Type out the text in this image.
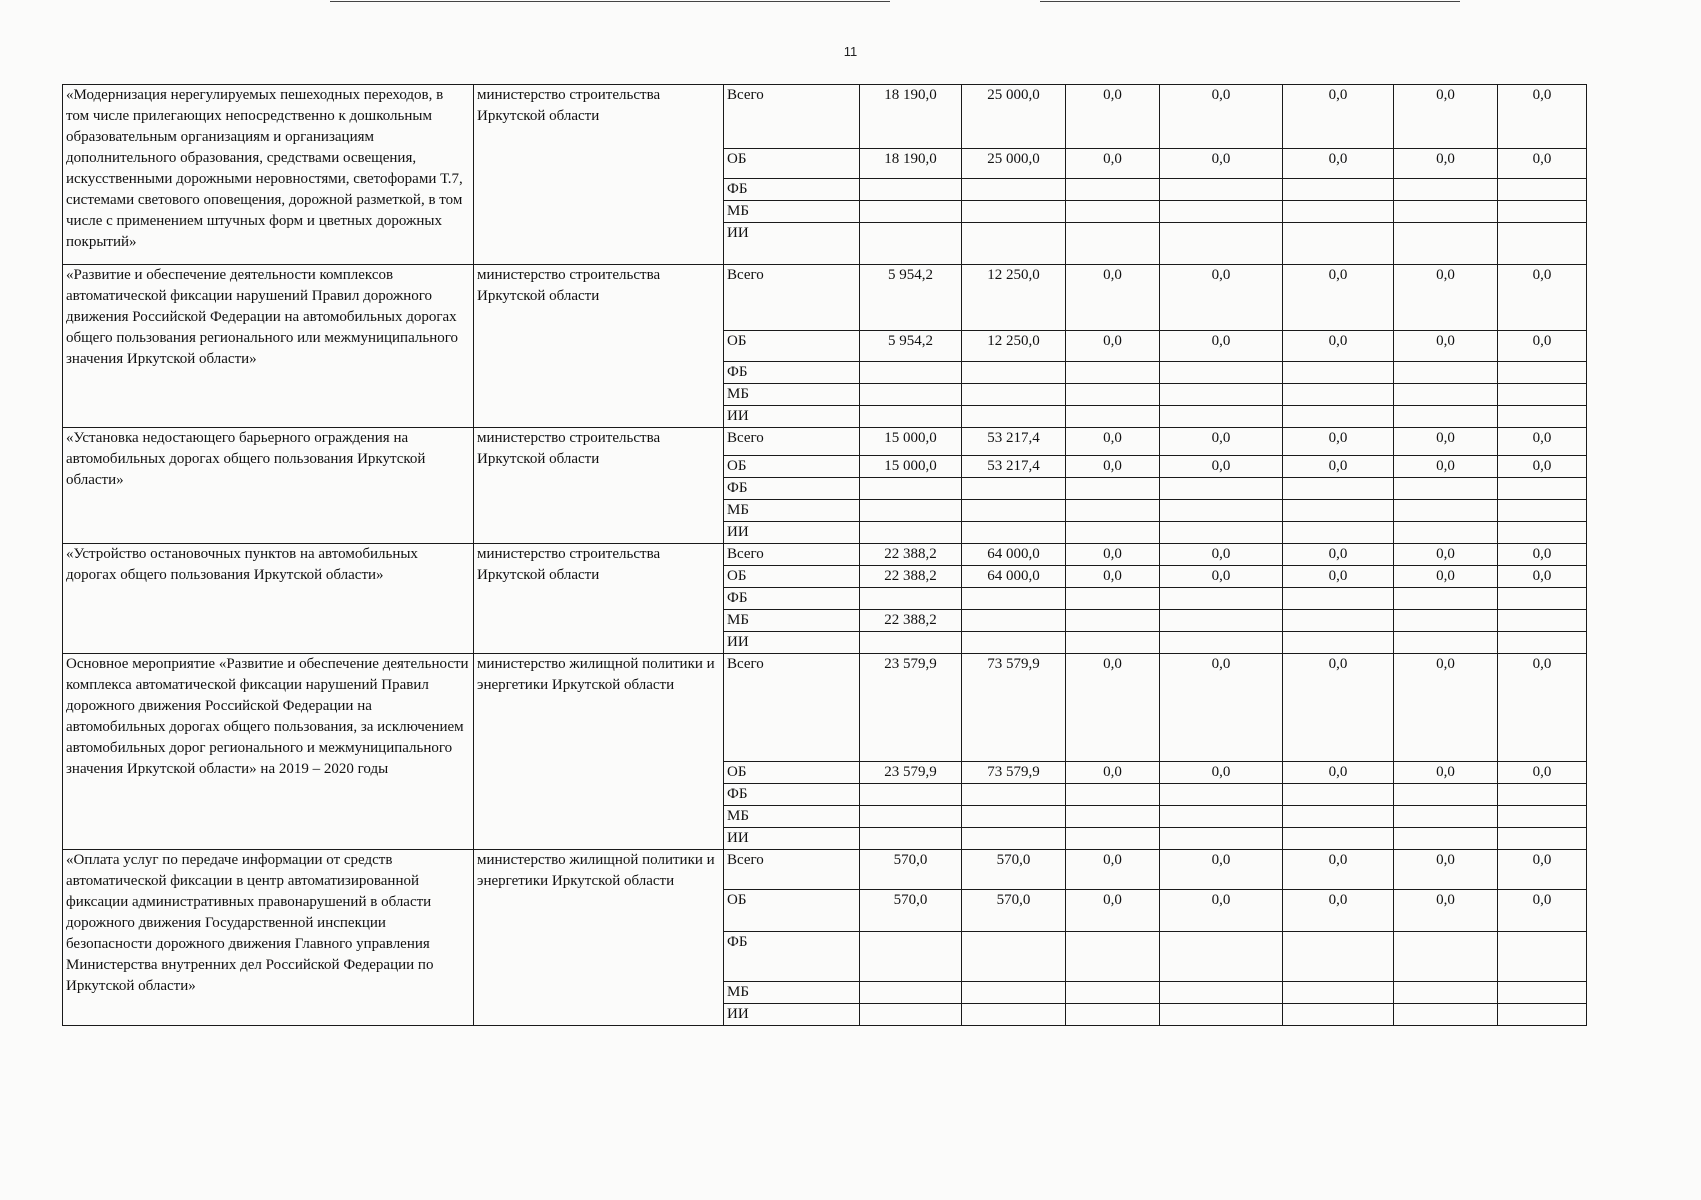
11
«Модернизация нерегулируемых пешеходных переходов, в том числе прилегающих непосредственно к дошкольным образовательным организациям и организациям дополнительного образования, средствами освещения, искусственными дорожными неровностями, светофорами Т.7, системами светового оповещения, дорожной разметкой, в том числе с применением штучных форм и цветных дорожных покрытий»	министерство строительства Иркутской области	Всего	18 190,0	25 000,0	0,0	0,0	0,0	0,0	0,0
		ОБ	18 190,0	25 000,0	0,0	0,0	0,0	0,0	0,0
		ФБ							
		МБ							
		ИИ							
«Развитие и обеспечение деятельности комплексов автоматической фиксации нарушений Правил дорожного движения Российской Федерации на автомобильных дорогах общего пользования регионального или межмуниципального значения Иркутской области»	министерство строительства Иркутской области	Всего	5 954,2	12 250,0	0,0	0,0	0,0	0,0	0,0
		ОБ	5 954,2	12 250,0	0,0	0,0	0,0	0,0	0,0
		ФБ							
		МБ							
		ИИ							
«Установка недостающего барьерного ограждения на автомобильных дорогах общего пользования Иркутской области»	министерство строительства Иркутской области	Всего	15 000,0	53 217,4	0,0	0,0	0,0	0,0	0,0
		ОБ	15 000,0	53 217,4	0,0	0,0	0,0	0,0	0,0
		ФБ							
		МБ							
		ИИ							
«Устройство остановочных пунктов на автомобильных дорогах общего пользования Иркутской области»	министерство строительства Иркутской области	Всего	22 388,2	64 000,0	0,0	0,0	0,0	0,0	0,0
		ОБ	22 388,2	64 000,0	0,0	0,0	0,0	0,0	0,0
		ФБ							
		МБ	22 388,2						
		ИИ							
Основное мероприятие «Развитие и обеспечение деятельности комплекса автоматической фиксации нарушений Правил дорожного движения Российской Федерации на автомобильных дорогах общего пользования, за исключением автомобильных дорог регионального и межмуниципального значения Иркутской области» на 2019 – 2020 годы	министерство жилищной политики и энергетики Иркутской области	Всего	23 579,9	73 579,9	0,0	0,0	0,0	0,0	0,0
		ОБ	23 579,9	73 579,9	0,0	0,0	0,0	0,0	0,0
		ФБ							
		МБ							
		ИИ							
«Оплата услуг по передаче информации от средств автоматической фиксации в центр автоматизированной фиксации административных правонарушений в области дорожного движения Государственной инспекции безопасности дорожного движения Главного управления Министерства внутренних дел Российской Федерации по Иркутской области»	министерство жилищной политики и энергетики Иркутской области	Всего	570,0	570,0	0,0	0,0	0,0	0,0	0,0
		ОБ	570,0	570,0	0,0	0,0	0,0	0,0	0,0
		ФБ							
		МБ							
		ИИ							
